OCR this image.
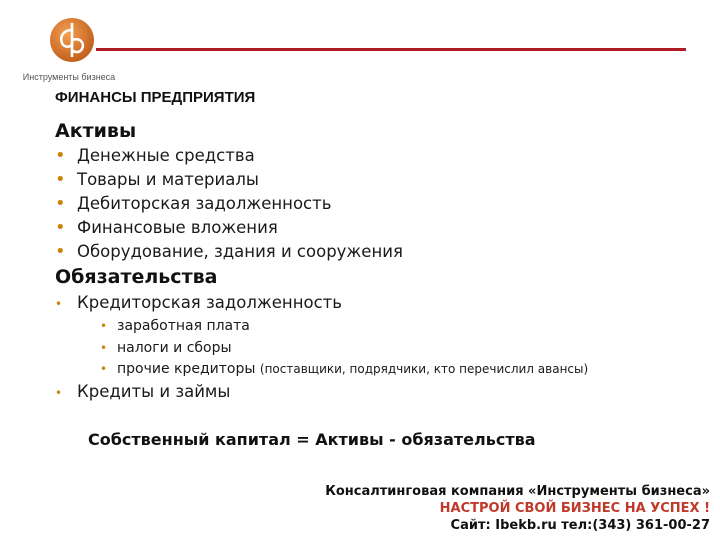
Инструменты бизнеса
ФИНАНСЫ ПРЕДПРИЯТИЯ
Активы
• Денежные средства
• Товары и материалы
• Дебиторская задолженность
• Финансовые вложения
• Оборудование, здания и сооружения
Обязательства
• Кредиторская задолженность
• заработная плата
• налоги и сборы
• прочие кредиторы (поставщики, подрядчики, кто перечислил авансы)
• Кредиты и займы
Собственный капитал = Активы - обязательства
Консалтинговая компания «Инструменты бизнеса»
НАСТРОЙ СВОЙ БИЗНЕС НА УСПЕХ !
Сайт: Ibekb.ru тел:(343) 361-00-27
